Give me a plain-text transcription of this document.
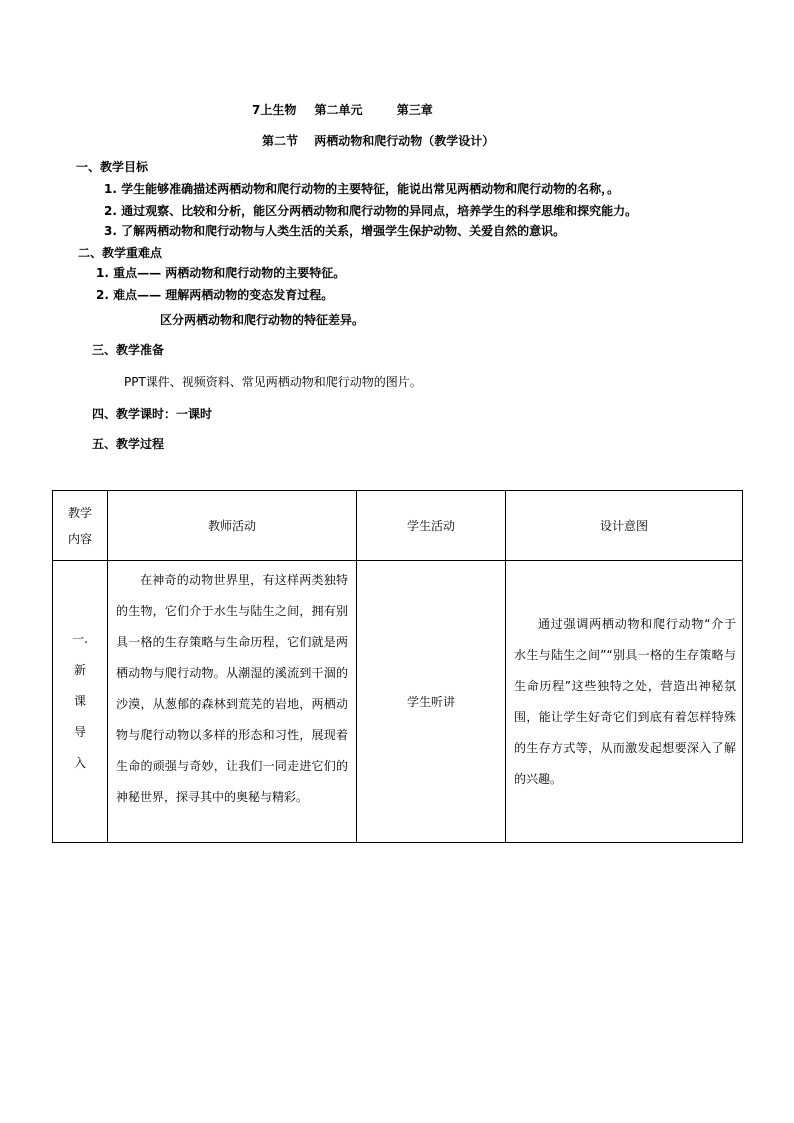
7上生物 第二单元	第三章
第二节 两栖动物和爬行动物（教学设计）
一、教学目标
1. 学生能够准确描述两栖动物和爬行动物的主要特征，能说出常见两栖动物和爬行动物的名称，。
2. 通过观察、比较和分析，能区分两栖动物和爬行动物的异同点，培养学生的科学思维和探究能力。
3. 了解两栖动物和爬行动物与人类生活的关系，增强学生保护动物、关爱自然的意识。
二、教学重难点
1. 重点—— 两栖动物和爬行动物的主要特征。
2. 难点—— 理解两栖动物的变态发育过程。
区分两栖动物和爬行动物的特征差异。
三、教学准备
PPT课件、视频资料、常见两栖动物和爬行动物的图片。
四、教学课时：一课时
五、教学过程
教学
内容	教师活动	学生活动	设计意图

一.
新
课
导
入	在神奇的动物世界里，有这样两类独特的生物，它们介于水生与陆生之间，拥有别具一格的生存策略与生命历程，它们就是两栖动物与爬行动物。从潮湿的溪流到干涸的沙漠，从葱郁的森林到荒芜的岩地，两栖动物与爬行动物以多样的形态和习性，展现着生命的顽强与奇妙，让我们一同走进它们的神秘世界，探寻其中的奥秘与精彩。	学生听讲	通过强调两栖动物和爬行动物“介于水生与陆生之间”“别具一格的生存策略与生命历程”这些独特之处，营造出神秘氛围，能让学生好奇它们到底有着怎样特殊的生存方式等，从而激发起想要深入了解的兴趣。
